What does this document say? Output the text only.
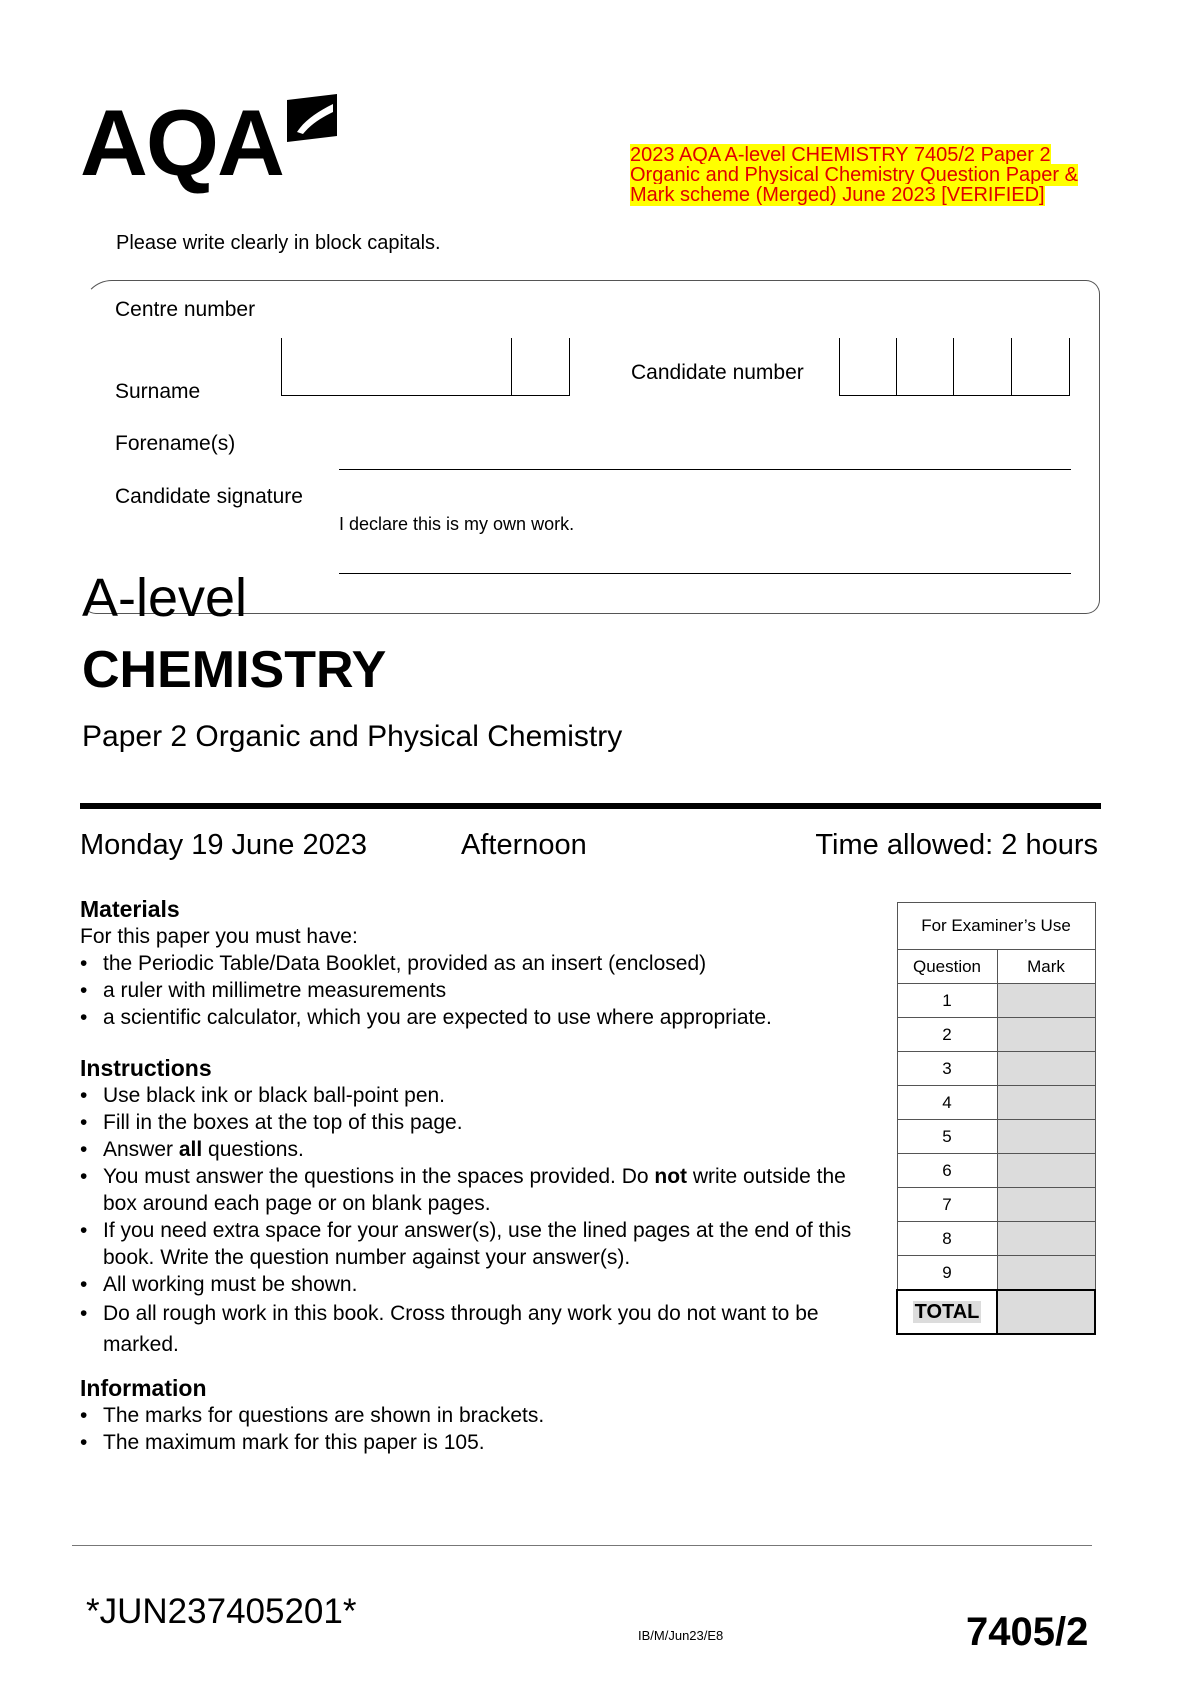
AQA	2023 AQA A-level CHEMISTRY 7405/2 Paper 2 Organic and Physical Chemistry Question Paper & Mark scheme (Merged) June 2023 [VERIFIED]
Please write clearly in block capitals.
Centre number
Candidate number
Surname
Forename(s)
Candidate signature
I declare this is my own work.
A-level
CHEMISTRY
Paper 2 Organic and Physical Chemistry
Monday 19 June 2023	Afternoon	Time allowed: 2 hours
Materials
For this paper you must have:
• the Periodic Table/Data Booklet, provided as an insert (enclosed)
• a ruler with millimetre measurements
• a scientific calculator, which you are expected to use where appropriate.
Instructions
• Use black ink or black ball-point pen.
• Fill in the boxes at the top of this page.
• Answer all questions.
• You must answer the questions in the spaces provided. Do not write outside the box around each page or on blank pages.
• If you need extra space for your answer(s), use the lined pages at the end of this book. Write the question number against your answer(s).
• All working must be shown.
• Do all rough work in this book. Cross through any work you do not want to be marked.
Information
• The marks for questions are shown in brackets.
• The maximum mark for this paper is 105.
For Examiner’s Use	
Question	Mark
1	
2	
3	
4	
5	
6	
7	
8	
9	
TOTAL	
*JUN237405201*
IB/M/Jun23/E8	7405/2
